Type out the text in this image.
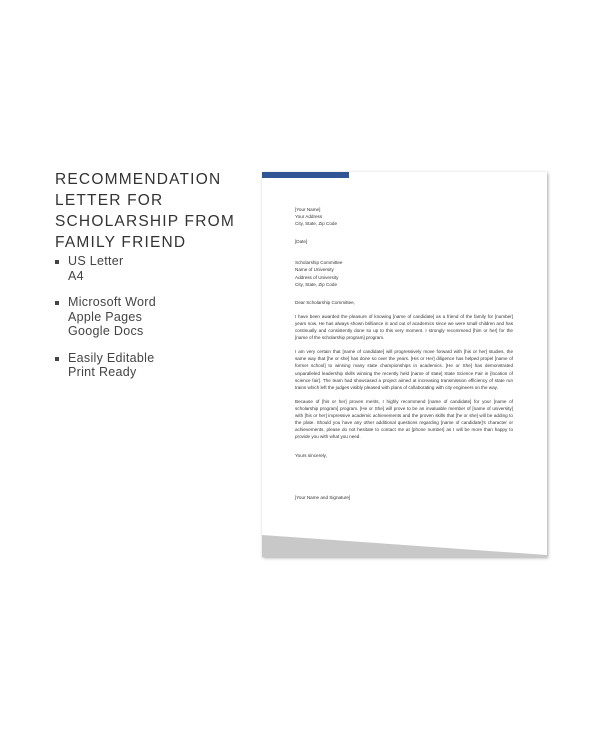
RECOMMENDATION
LETTER FOR
SCHOLARSHIP FROM
FAMILY FRIEND
US Letter
A4
Microsoft Word
Apple Pages
Google Docs
Easily Editable
Print Ready

[Your Name]
Your Address
City, State, Zip Code

[Date]

Scholarship Committee
Name of University
Address of University
City, State, Zip Code

Dear Scholarship Committee,

I have been awarded the pleasure of knowing [name of candidate] as a friend of the family for [number] years now. He has always shown brilliance in and out of academics since we were small children and has continually and consistently done so up to this very moment. I strongly recommend [him or her] for the [name of the scholarship program] program.

I am very certain that [name of candidate] will progressively move forward with [his or her] studies, the same way that [he or she] has done so over the years. [His or Her] diligence has helped propel [name of former school] to winning many state championships in academics. [He or She] has demonstrated unparalleled leadership skills winning the recently held [name of state] State Science Fair in [location of science fair]. The team had showcased a project aimed at increasing transmission efficiency of state run trains which left the judges visibly pleased with plans of collaborating with city engineers on the way.

Because of [his or her] proven merits, I highly recommend [name of candidate] for your [name of scholarship program] program. [He or She] will prove to be an invaluable member of [name of university] with [his or her] impressive academic achievements and the proven skills that [he or she] will be adding to the plate. Should you have any other additional questions regarding [name of candidate]'s character or achievements, please do not hesitate to contact me at [phone number] as I will be more than happy to provide you with what you need.

Yours sincerely,

[Your Name and Signature]
